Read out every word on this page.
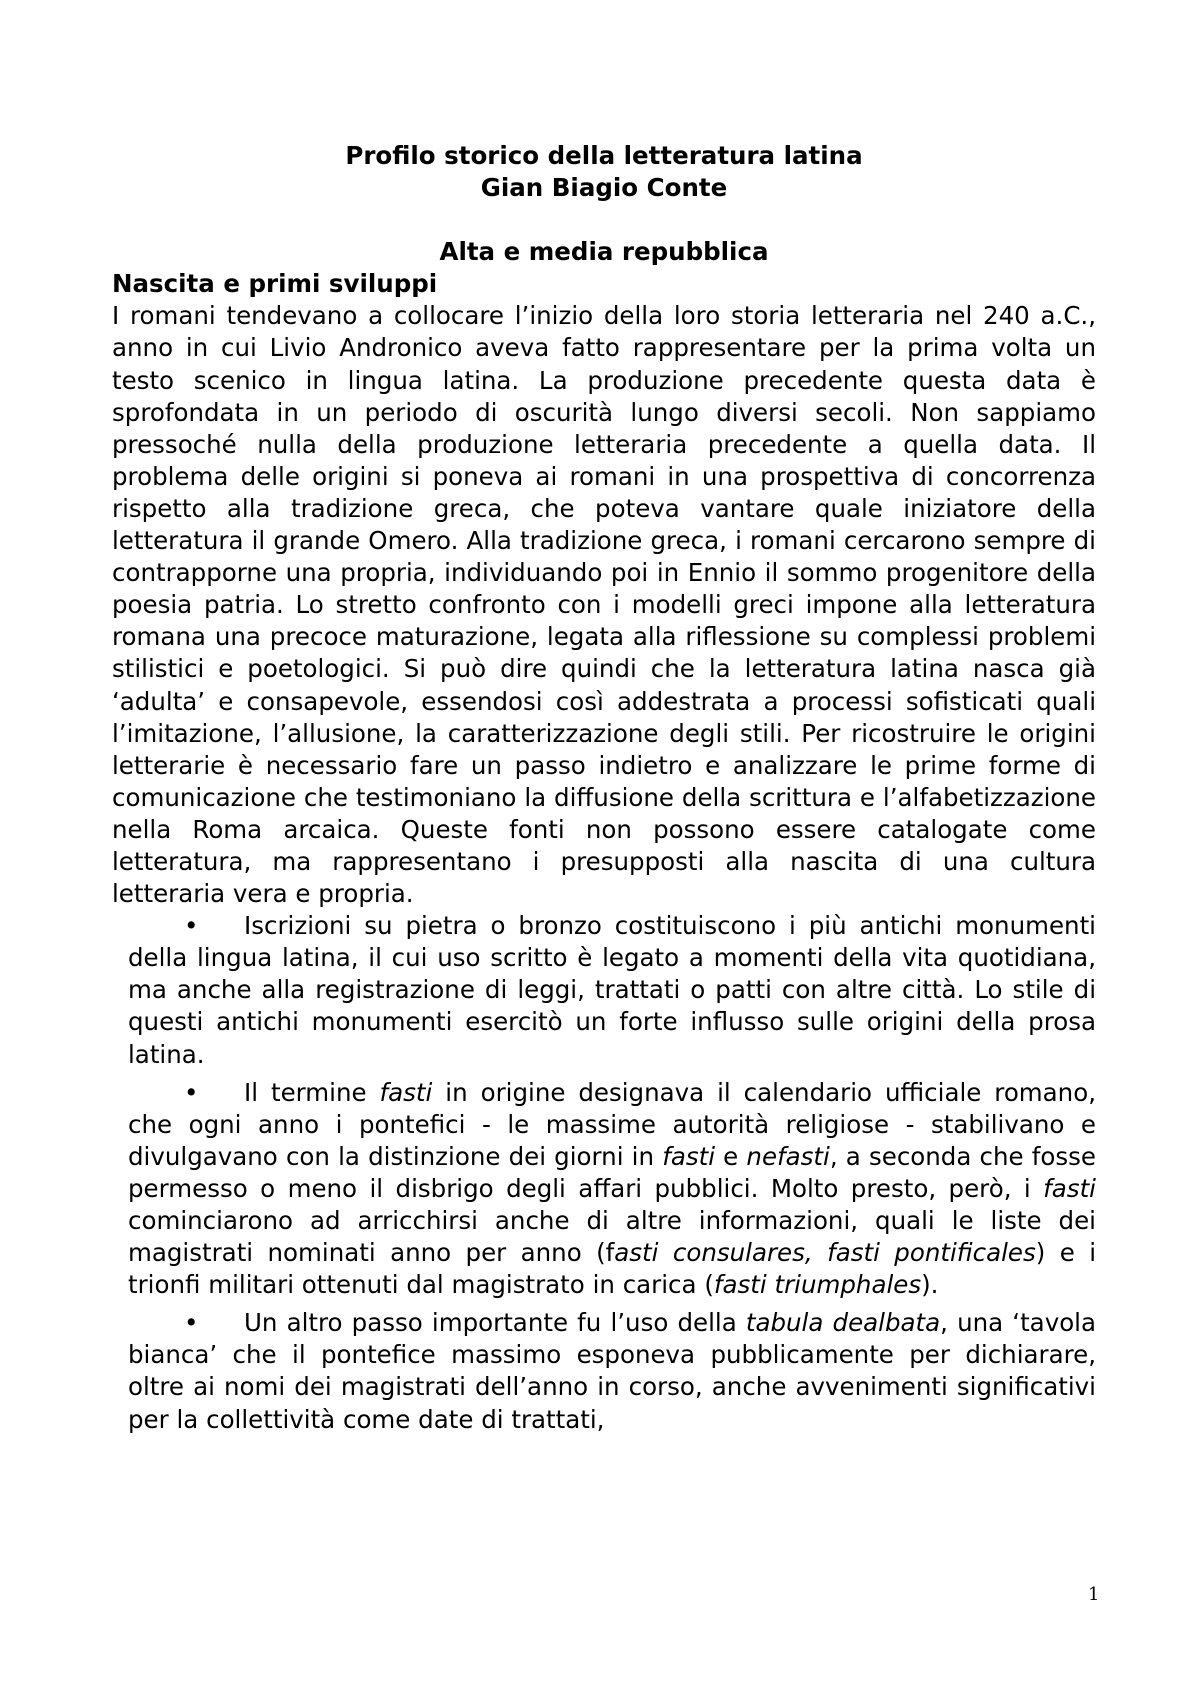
Profilo storico della letteratura latina
Gian Biagio Conte
Alta e media repubblica
Nascita e primi sviluppi

I romani tendevano a collocare l’inizio della loro storia letteraria nel 240 a.C., anno in cui Livio Andronico aveva fatto rappresentare per la prima volta un testo scenico in lingua latina. La produzione precedente questa data è sprofondata in un periodo di oscurità lungo diversi secoli. Non sappiamo pressoché nulla della produzione letteraria precedente a quella data. Il problema delle origini si poneva ai romani in una prospettiva di concorrenza rispetto alla tradizione greca, che poteva vantare quale iniziatore della letteratura il grande Omero. Alla tradizione greca, i romani cercarono sempre di contrapporne una propria, individuando poi in Ennio il sommo progenitore della poesia patria. Lo stretto confronto con i modelli greci impone alla letteratura romana una precoce maturazione, legata alla riflessione su complessi problemi stilistici e poetologici. Si può dire quindi che la letteratura latina nasca già ‘adulta’ e consapevole, essendosi così addestrata a processi sofisticati quali l’imitazione, l’allusione, la caratterizzazione degli stili. Per ricostruire le origini letterarie è necessario fare un passo indietro e analizzare le prime forme di comunicazione che testimoniano la diffusione della scrittura e l’alfabetizzazione nella Roma arcaica. Queste fonti non possono essere catalogate come letteratura, ma rappresentano i presupposti alla nascita di una cultura letteraria vera e propria.

• Iscrizioni su pietra o bronzo costituiscono i più antichi monumenti della lingua latina, il cui uso scritto è legato a momenti della vita quotidiana, ma anche alla registrazione di leggi, trattati o patti con altre città. Lo stile di questi antichi monumenti esercitò un forte influsso sulle origini della prosa latina.
• Il termine fasti in origine designava il calendario ufficiale romano, che ogni anno i pontefici - le massime autorità religiose - stabilivano e divulgavano con la distinzione dei giorni in fasti e nefasti, a seconda che fosse permesso o meno il disbrigo degli affari pubblici. Molto presto, però, i fasti cominciarono ad arricchirsi anche di altre informazioni, quali le liste dei magistrati nominati anno per anno (fasti consulares, fasti pontificales) e i trionfi militari ottenuti dal magistrato in carica (fasti triumphales).
• Un altro passo importante fu l’uso della tabula dealbata, una ‘tavola bianca’ che il pontefice massimo esponeva pubblicamente per dichiarare, oltre ai nomi dei magistrati dell’anno in corso, anche avvenimenti significativi per la collettività come date di trattati,
1
